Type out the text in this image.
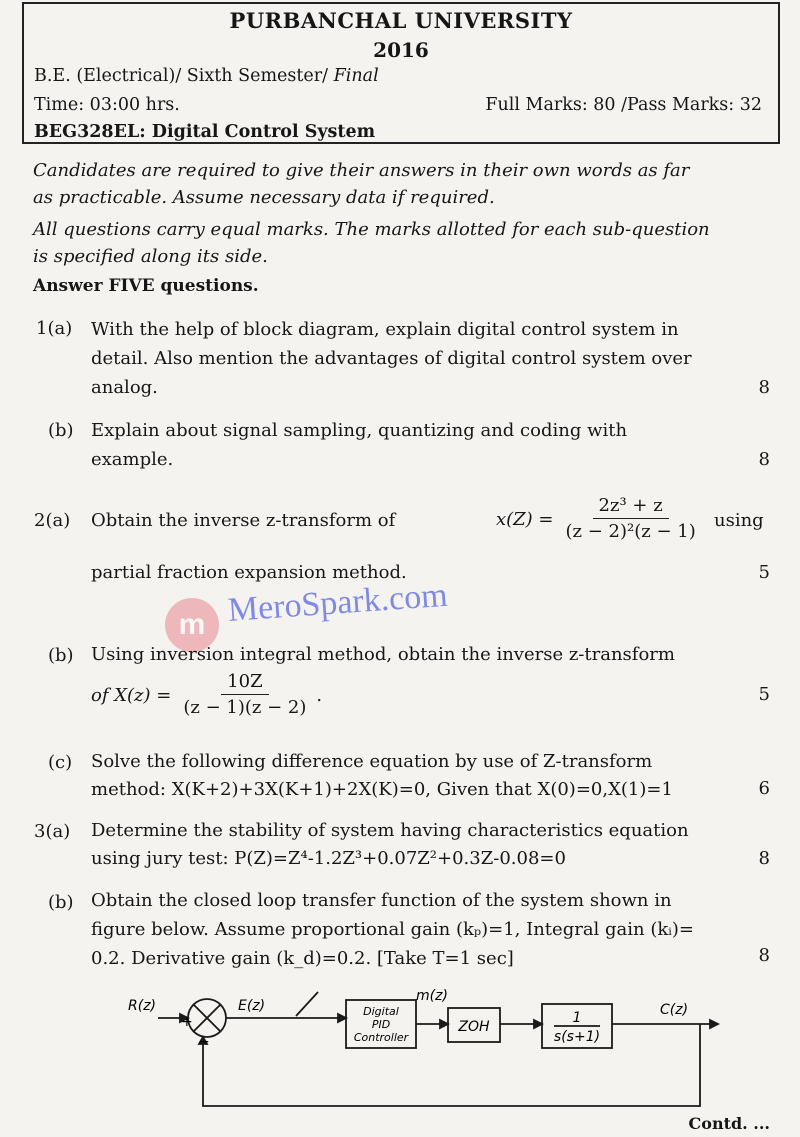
PURBANCHAL UNIVERSITY
2016
B.E. (Electrical)/ Sixth Semester/ Final
Time: 03:00 hrs.	Full Marks: 80 /Pass Marks: 32
BEG328EL: Digital Control System
Candidates are required to give their answers in their own words as far
as practicable. Assume necessary data if required.
All questions carry equal marks. The marks allotted for each sub-question
is specified along its side.
Answer FIVE questions.
1(a) With the help of block diagram, explain digital control system in
detail. Also mention the advantages of digital control system over
analog.	8
(b) Explain about signal sampling, quantizing and coding with
example.	8
2(a) Obtain the inverse z-transform of	$x(Z) = \frac{\text{2z³ + z}}{\text{(z − 2)²(z − 1)}}$ using
partial fraction expansion method.	5
m MeroSpark.com
(b) Using inversion integral method, obtain the inverse z-transform
of $X(z) = \frac{10Z}{(z - 1)(z - 2)}$ .	5
(c) Solve the following difference equation by use of Z-transform
method: X(K+2)+3X(K+1)+2X(K)=0, Given that X(0)=0,X(1)=1	6
3(a) Determine the stability of system having characteristics equation
using jury test: P(Z)=Z⁴-1.2Z³+0.07Z²+0.3Z-0.08=0	8
(b) Obtain the closed loop transfer function of the system shown in
figure below. Assume proportional gain (kₚ)=1, Integral gain (kᵢ)=
0.2. Derivative gain (k_d)=0.2. [Take T=1 sec]	8
R(z)
+
−
E(z)	Digital
PID
Controller
m(z)
ZOH
1
s(s+1)
C(z)
Contd. ...
